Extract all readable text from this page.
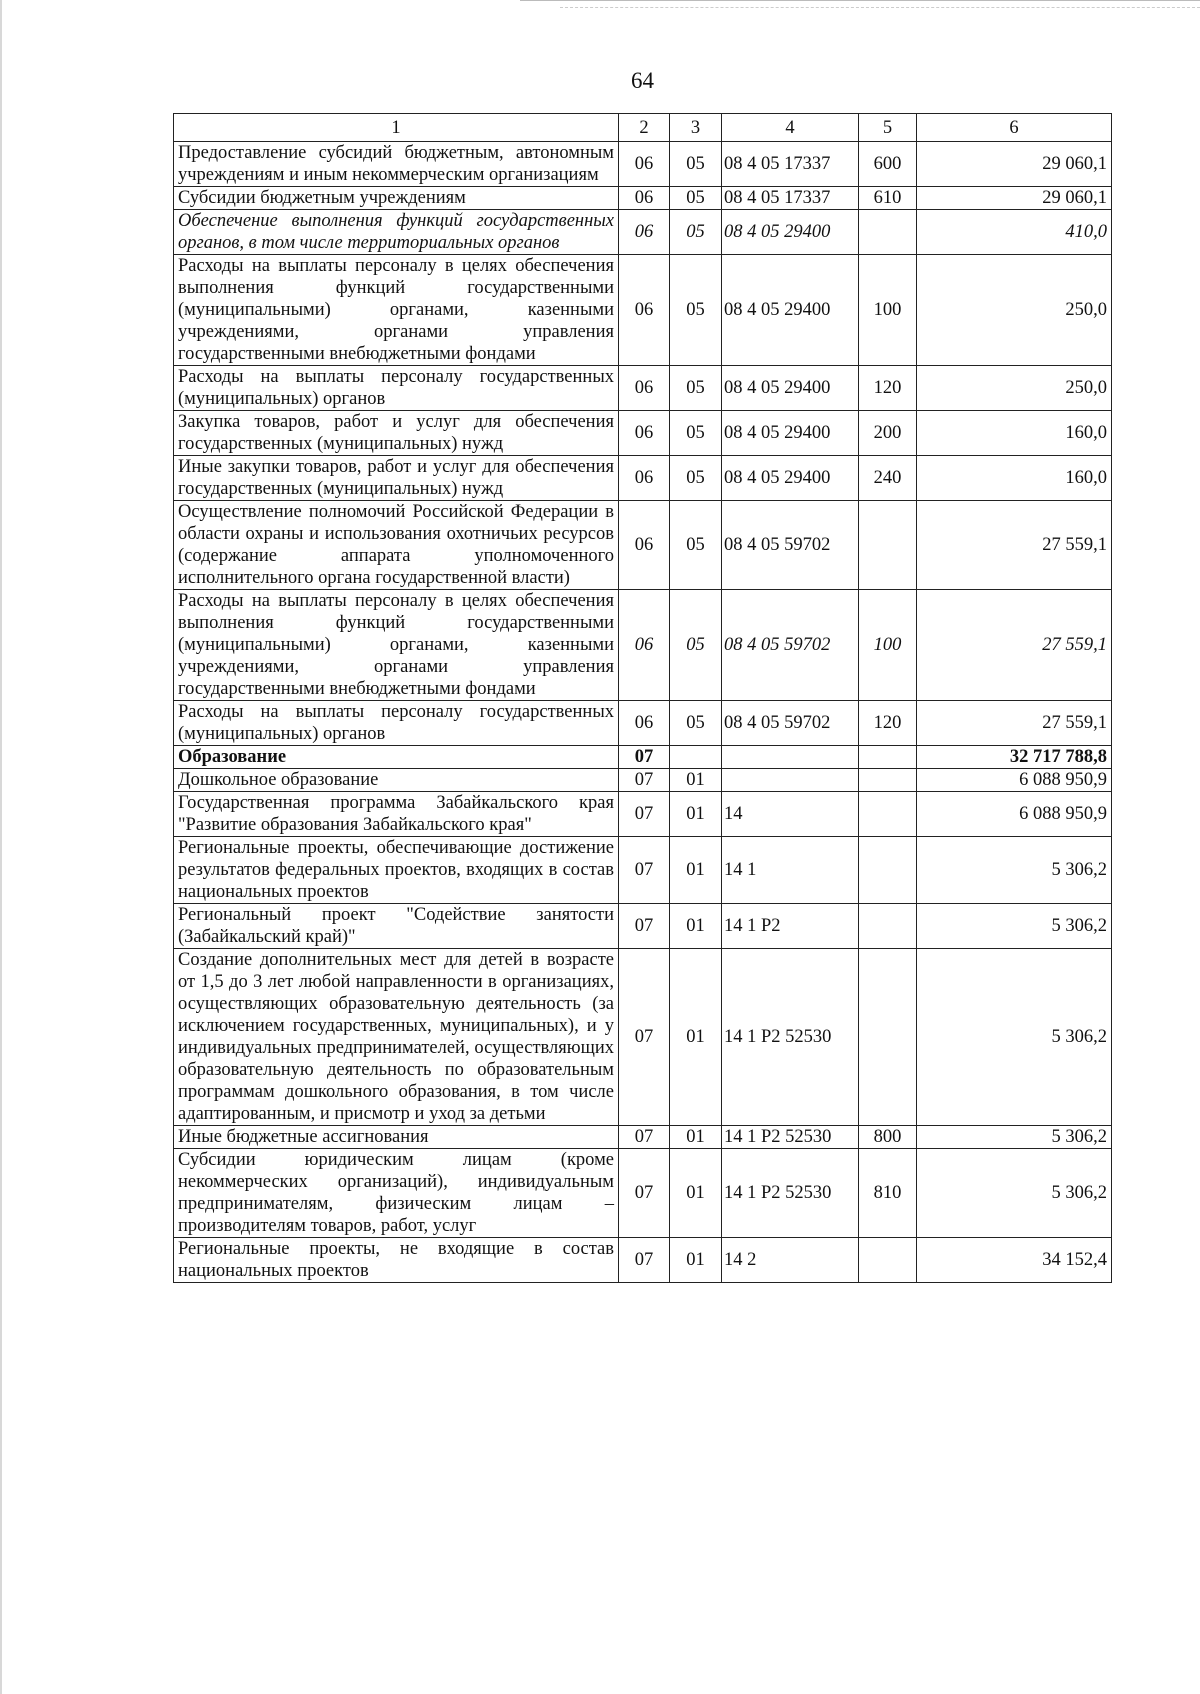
64
1	2	3	4	5	6
Предоставление субсидий бюджетным, автономным учреждениям и иным некоммерческим организациям	06	05	08 4 05 17337	600	29 060,1
Субсидии бюджетным учреждениям	06	05	08 4 05 17337	610	29 060,1
Обеспечение выполнения функций государственных органов, в том числе территориальных органов	06	05	08 4 05 29400		410,0
Расходы на выплаты персоналу в целях обеспечения выполнения функций государственными (муниципальными) органами, казенными учреждениями, органами управления государственными внебюджетными фондами	06	05	08 4 05 29400	100	250,0
Расходы на выплаты персоналу государственных (муниципальных) органов	06	05	08 4 05 29400	120	250,0
Закупка товаров, работ и услуг для обеспечения государственных (муниципальных) нужд	06	05	08 4 05 29400	200	160,0
Иные закупки товаров, работ и услуг для обеспечения государственных (муниципальных) нужд	06	05	08 4 05 29400	240	160,0
Осуществление полномочий Российской Федерации в области охраны и использования охотничьих ресурсов (содержание аппарата уполномоченного исполнительного органа государственной власти)	06	05	08 4 05 59702		27 559,1
Расходы на выплаты персоналу в целях обеспечения выполнения функций государственными (муниципальными) органами, казенными учреждениями, органами управления государственными внебюджетными фондами	06	05	08 4 05 59702	100	27 559,1
Расходы на выплаты персоналу государственных (муниципальных) органов	06	05	08 4 05 59702	120	27 559,1
Образование	07				32 717 788,8
Дошкольное образование	07	01			6 088 950,9
Государственная программа Забайкальского края "Развитие образования Забайкальского края"	07	01	14		6 088 950,9
Региональные проекты, обеспечивающие достижение результатов федеральных проектов, входящих в состав национальных проектов	07	01	14 1		5 306,2
Региональный проект "Содействие занятости (Забайкальский край)"	07	01	14 1 P2		5 306,2
Создание дополнительных мест для детей в возрасте от 1,5 до 3 лет любой направленности в организациях, осуществляющих образовательную деятельность (за исключением государственных, муниципальных), и у индивидуальных предпринимателей, осуществляющих образовательную деятельность по образовательным программам дошкольного образования, в том числе адаптированным, и присмотр и уход за детьми	07	01	14 1 P2 52530		5 306,2
Иные бюджетные ассигнования	07	01	14 1 P2 52530	800	5 306,2
Субсидии юридическим лицам (кроме некоммерческих организаций), индивидуальным предпринимателям, физическим лицам – производителям товаров, работ, услуг	07	01	14 1 P2 52530	810	5 306,2
Региональные проекты, не входящие в состав национальных проектов	07	01	14 2		34 152,4
